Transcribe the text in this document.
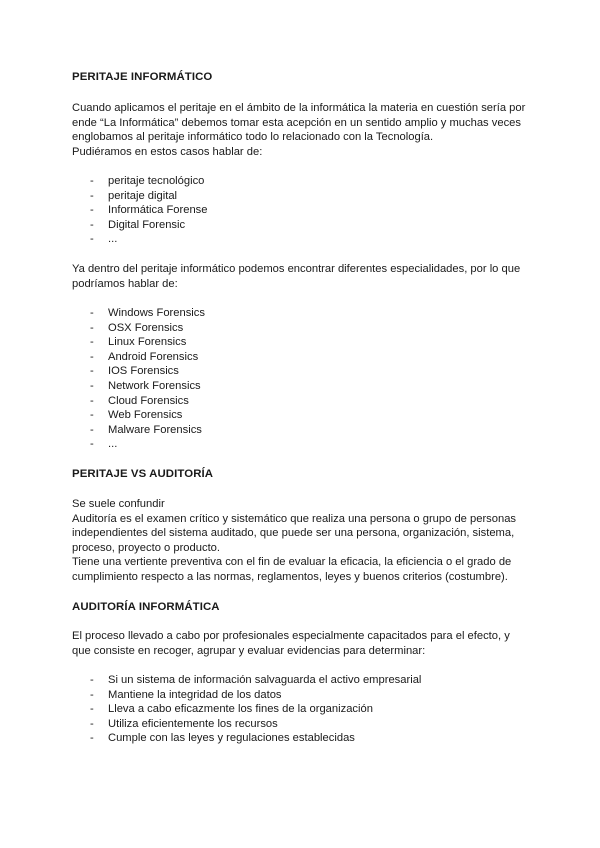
PERITAJE INFORMÁTICO
Cuando aplicamos el peritaje en el ámbito de la informática la materia en cuestión sería por
ende “La Informática” debemos tomar esta acepción en un sentido amplio y muchas veces
englobamos al peritaje informático todo lo relacionado con la Tecnología.
Pudiéramos en estos casos hablar de:
- peritaje tecnológico
- peritaje digital
- Informática Forense
- Digital Forensic
- ...
Ya dentro del peritaje informático podemos encontrar diferentes especialidades, por lo que
podríamos hablar de:
- Windows Forensics
- OSX Forensics
- Linux Forensics
- Android Forensics
- IOS Forensics
- Network Forensics
- Cloud Forensics
- Web Forensics
- Malware Forensics
- ...
PERITAJE VS AUDITORÍA
Se suele confundir
Auditoría es el examen crítico y sistemático que realiza una persona o grupo de personas
independientes del sistema auditado, que puede ser una persona, organización, sistema,
proceso, proyecto o producto.
Tiene una vertiente preventiva con el fin de evaluar la eficacia, la eficiencia o el grado de
cumplimiento respecto a las normas, reglamentos, leyes y buenos criterios (costumbre).
AUDITORÍA INFORMÁTICA
El proceso llevado a cabo por profesionales especialmente capacitados para el efecto, y
que consiste en recoger, agrupar y evaluar evidencias para determinar:
- Si un sistema de información salvaguarda el activo empresarial
- Mantiene la integridad de los datos
- Lleva a cabo eficazmente los fines de la organización
- Utiliza eficientemente los recursos
- Cumple con las leyes y regulaciones establecidas
